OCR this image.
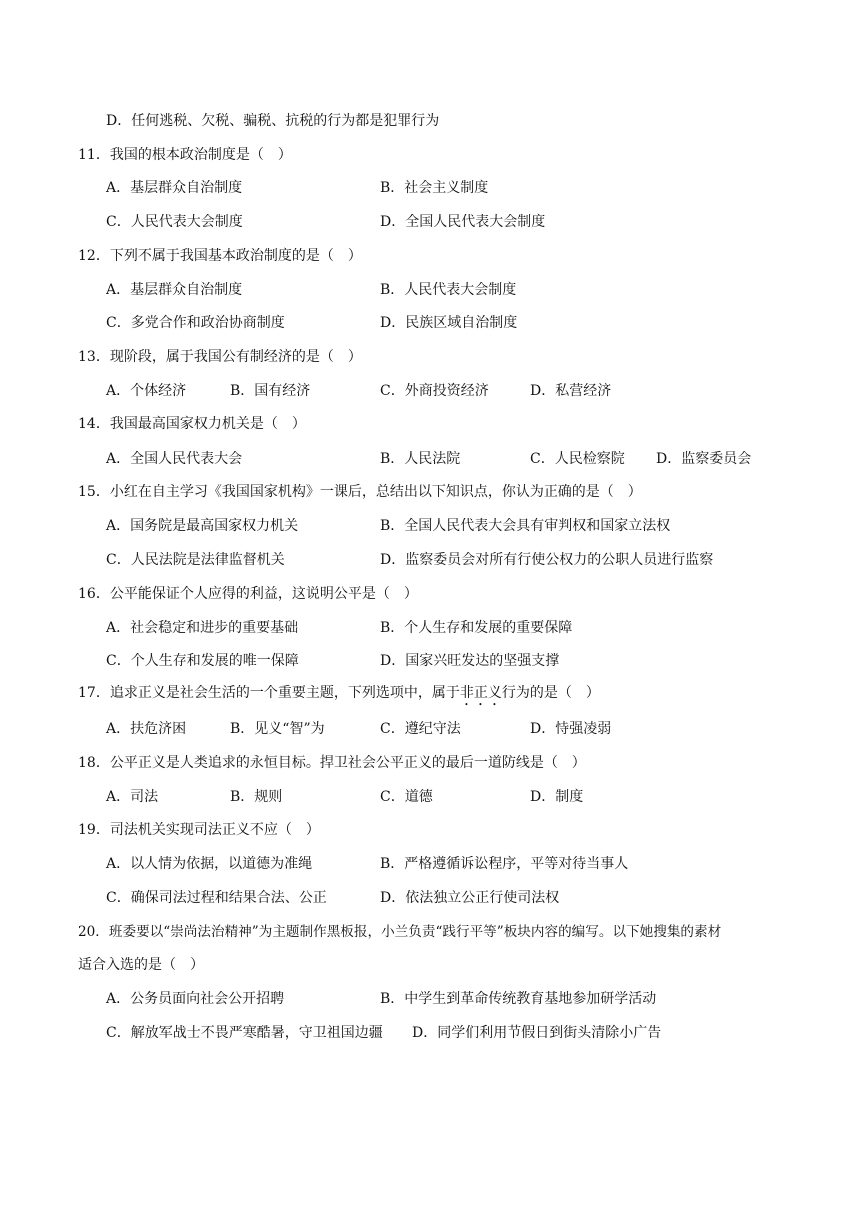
D．任何逃税、欠税、骗税、抗税的行为都是犯罪行为
11．我国的根本政治制度是（　）
A．基层群众自治制度	B．社会主义制度
C．人民代表大会制度	D．全国人民代表大会制度
12．下列不属于我国基本政治制度的是（　）
A．基层群众自治制度	B．人民代表大会制度
C．多党合作和政治协商制度	D．民族区域自治制度
13．现阶段，属于我国公有制经济的是（　）
A．个体经济	B．国有经济	C．外商投资经济	D．私营经济
14．我国最高国家权力机关是（　）
A．全国人民代表大会	B．人民法院	C．人民检察院 D．监察委员会
15．小红在自主学习《我国国家机构》一课后，总结出以下知识点，你认为正确的是（　）
A．国务院是最高国家权力机关	B．全国人民代表大会具有审判权和国家立法权
C．人民法院是法律监督机关	D．监察委员会对所有行使公权力的公职人员进行监察
16．公平能保证个人应得的利益，这说明公平是（　）
A．社会稳定和进步的重要基础	B．个人生存和发展的重要保障
C．个人生存和发展的唯一保障	D．国家兴旺发达的坚强支撑
17．追求正义是社会生活的一个重要主题，下列选项中，属于非正义行为的是（　）
A．扶危济困	B．见义“智”为	C．遵纪守法	D．恃强凌弱
18．公平正义是人类追求的永恒目标。捍卫社会公平正义的最后一道防线是（　）
A．司法	B．规则	C．道德	D．制度
19．司法机关实现司法正义不应（　）
A．以人情为依据，以道德为准绳	B．严格遵循诉讼程序，平等对待当事人
C．确保司法过程和结果合法、公正	D．依法独立公正行使司法权
20．班委要以“崇尚法治精神”为主题制作黑板报，小兰负责“践行平等”板块内容的编写。以下她搜集的素材
适合入选的是（　）
A．公务员面向社会公开招聘	B．中学生到革命传统教育基地参加研学活动
C．解放军战士不畏严寒酷暑，守卫祖国边疆 D．同学们利用节假日到街头清除小广告
